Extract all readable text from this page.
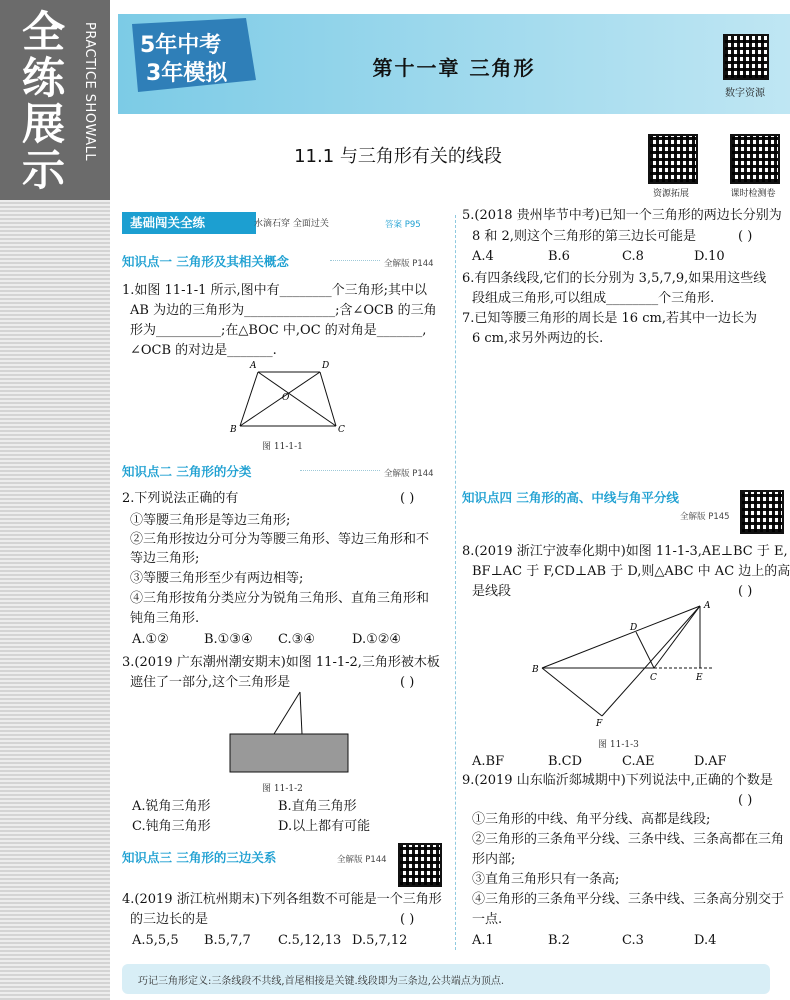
全
练
展
示
PRACTICE SHOWALL	第十一章 三角形
5年中考
3年模拟
数字资源
11.1 与三角形有关的线段
资源拓展	课时检测卷
基础闯关全练	水滴石穿 全面过关	答案 P95
知识点一 三角形及其相关概念	全解版 P144
1.如图 11-1-1 所示,图中有________个三角形;其中以
AB 为边的三角形为______________;含∠OCB 的三角
形为__________;在△BOC 中,OC 的对角是_______,
∠OCB 的对边是_______.
A	D
O
B	C
图 11-1-1
知识点二 三角形的分类	全解版 P144
2.下列说法正确的有	( )
①等腰三角形是等边三角形;
②三角形按边分可分为等腰三角形、等边三角形和不
等边三角形;
③等腰三角形至少有两边相等;
④三角形按角分类应分为锐角三角形、直角三角形和
钝角三角形.
A.①②	B.①③④ C.③④	D.①②④
3.(2019 广东潮州潮安期末)如图 11-1-2,三角形被木板
遮住了一部分,这个三角形是	( )
图 11-1-2
A.锐角三角形	B.直角三角形
C.钝角三角形	D.以上都有可能
知识点三 三角形的三边关系	全解版 P144
4.(2019 浙江杭州期末)下列各组数不可能是一个三角形
的三边长的是	( )
A.5,5,5 B.5,7,7 C.5,12,13 D.5,7,12
5.(2018 贵州毕节中考)已知一个三角形的两边长分别为
8 和 2,则这个三角形的第三边长可能是	( )
A.4	B.6	C.8	D.10
6.有四条线段,它们的长分别为 3,5,7,9,如果用这些线
段组成三角形,可以组成________个三角形.
7.已知等腰三角形的周长是 16 cm,若其中一边长为
6 cm,求另外两边的长.
知识点四 三角形的高、中线与角平分线
全解版 P145
8.(2019 浙江宁波奉化期中)如图 11-1-3,AE⊥BC 于 E,
BF⊥AC 于 F,CD⊥AB 于 D,则△ABC 中 AC 边上的高
是线段	( )
A
D
B
C	E
F
图 11-1-3
A.BF	B.CD	C.AE	D.AF
9.(2019 山东临沂郯城期中)下列说法中,正确的个数是
( )
①三角形的中线、角平分线、高都是线段;
②三角形的三条角平分线、三条中线、三条高都在三角
形内部;
③直角三角形只有一条高;
④三角形的三条角平分线、三条中线、三条高分别交于
一点.
A.1	B.2	C.3	D.4
巧记三角形定义:三条线段不共线,首尾相接是关键.线段即为三条边,公共端点为顶点.
